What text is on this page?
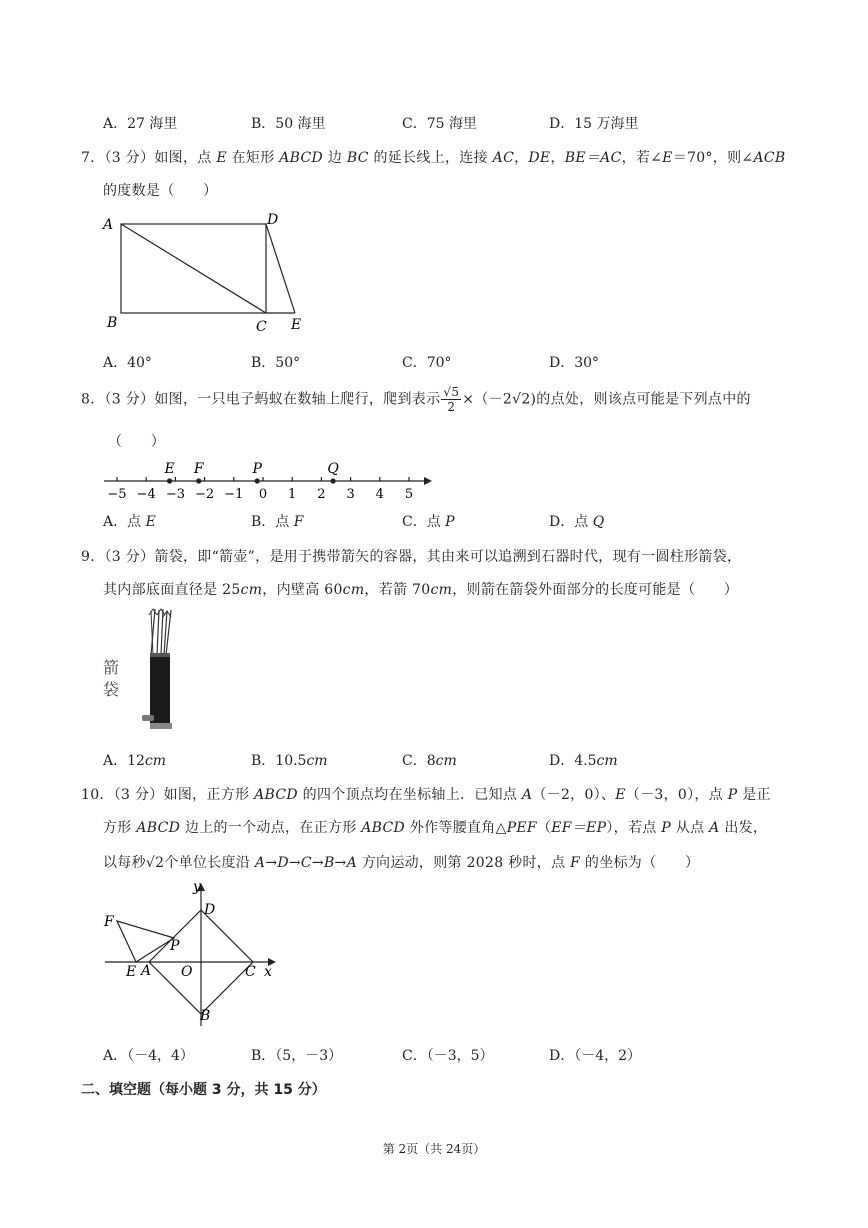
A．27 海里	B．50 海里	C．75 海里	D．15 万海里
7．（3 分）如图，点 E 在矩形 ABCD 边 BC 的延长线上，连接 AC，DE，BE＝AC，若∠E＝70°，则∠ACB
的度数是（　　）
A
B	C
D
E
A．40°	B．50°	C．70°	D．30°
8．（3 分）如图，一只电子蚂蚁在数轴上爬行，爬到表示 $\frac{√5}{2} \times(-2√2)$的点处，则该点可能是下列点中的
（　　）
−5 −4 −3 −2 −1 0 1 2 3 4 5
E F	P	Q
A．点 E	B．点 F	C．点 P	D．点 Q
9．（3 分）箭袋，即“箭壶”，是用于携带箭矢的容器，其由来可以追溯到石器时代，现有一圆柱形箭袋，
其内部底面直径是 25cm，内壁高 60cm，若箭 70cm，则箭在箭袋外面部分的长度可能是（　　）
箭袋
A．12cm	B．10.5cm	C．8cm	D．4.5cm
10．（3 分）如图，正方形 ABCD 的四个顶点均在坐标轴上．已知点 A（－2，0）、E（－3，0），点 P 是正
方形 ABCD 边上的一个动点，在正方形 ABCD 外作等腰直角△PEF（EF＝EP），若点 P 从点 A 出发，
以每秒√2个单位长度沿 A→D→C→B→A 方向运动，则第 2028 秒时，点 F 的坐标为（　　）
y
x
D
F
P
E A O	C
B
A．（－4，4）	B．（5，－3）	C．（－3，5）	D．（－4，2）
二、填空题（每小题 3 分，共 15 分）
第 2页（共 24页）
